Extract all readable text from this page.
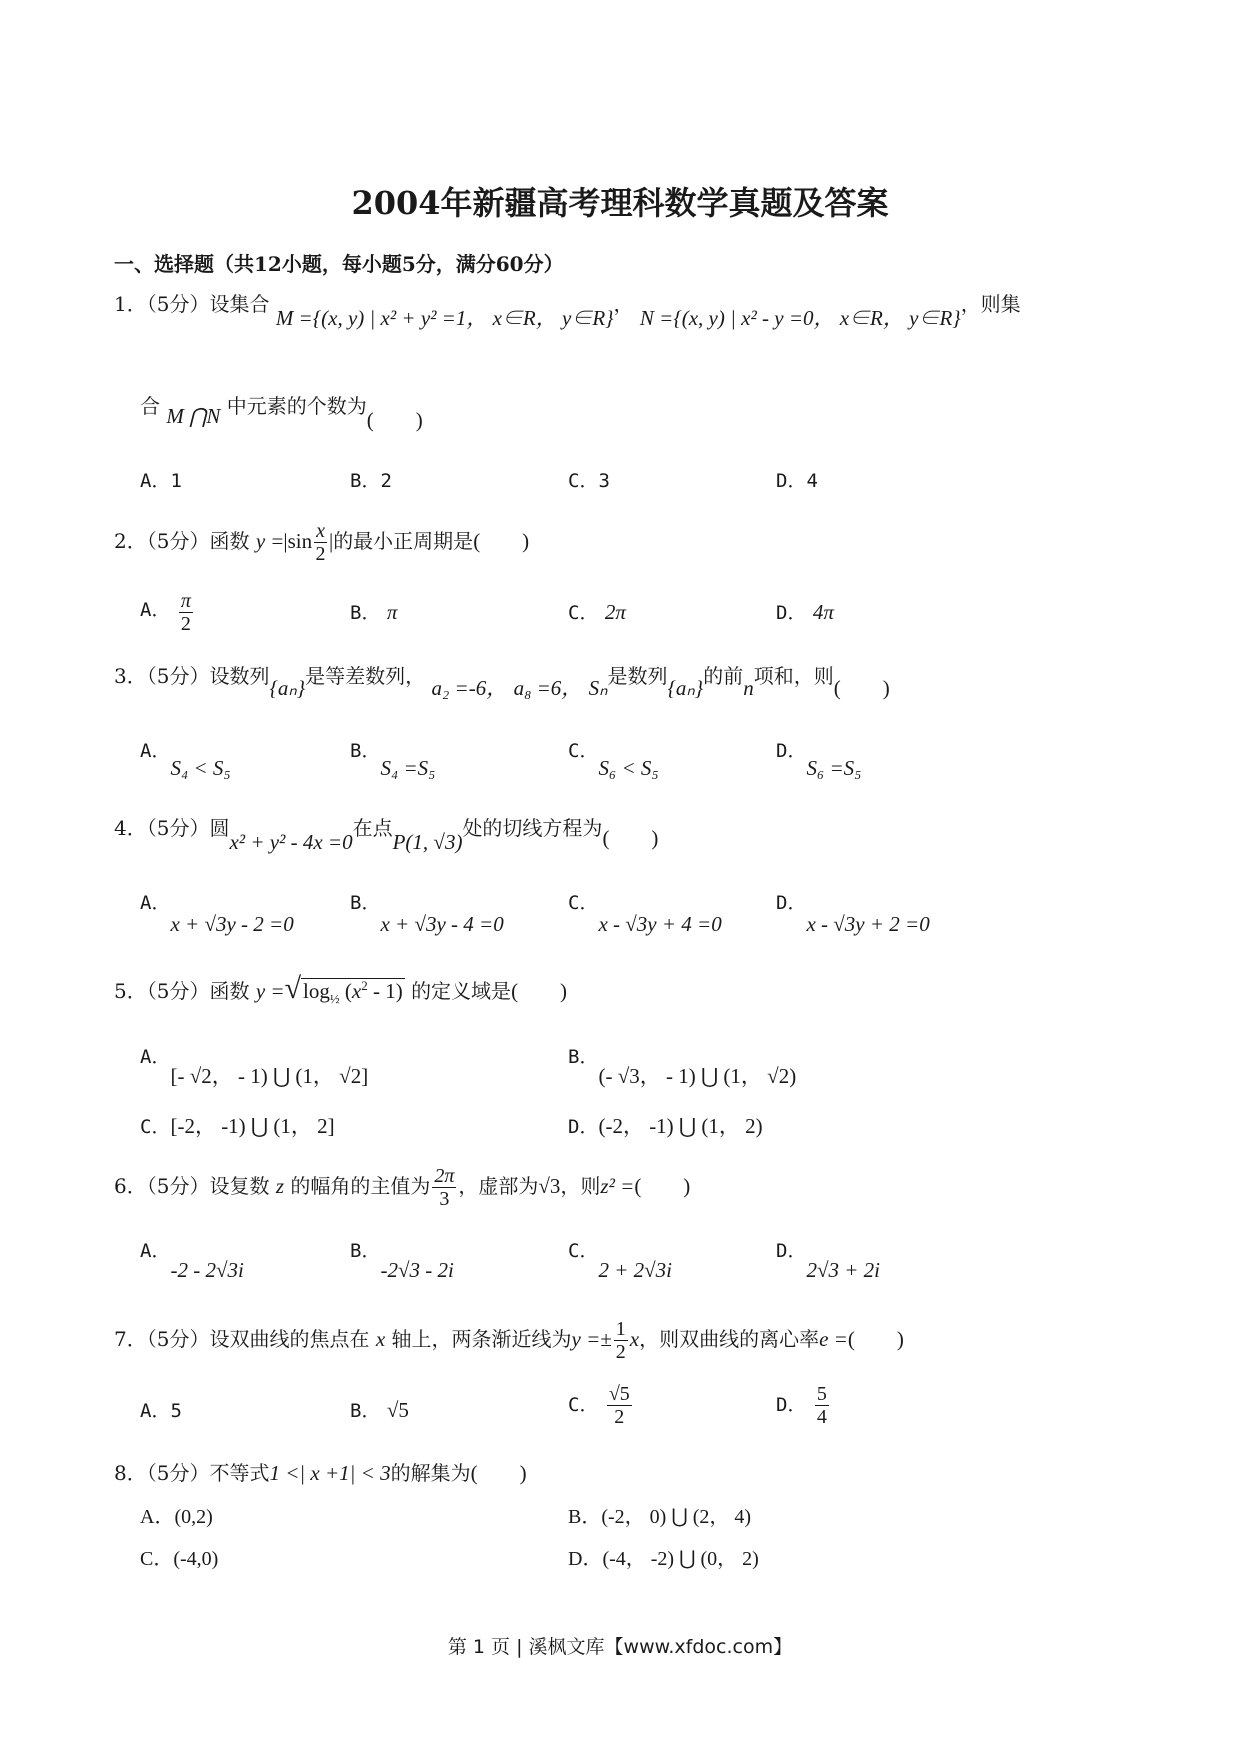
2004年新疆高考理科数学真题及答案
一、选择题（共12小题，每小题5分，满分60分）
1．（5分）设集合 M ={(x, y) | x² + y² =1， x∈R， y∈R}， N ={(x, y) | x² - y =0， x∈R， y∈R}，则集
合 M ⋂N 中元素的个数为(　　)
A．1	B．2	C．3	D．4
2．（5分）函数 $y =|\sin \frac{x}{2}$ |的最小正周期是(　　)
A． $\frac{\pi}{2}$	B． π	C． 2π	D． 4π
3．（5分）设数列{aₙ}是等差数列， a₂ =-6， a₈ =6， Sₙ是数列{aₙ}的前n项和，则(　　)
A．S₄ < S₅
B．S₄ =S₅
C．S₆ < S₅
D．S₆ =S₅
4．（5分）圆x² + y² - 4x =0在点P(1, √3)处的切线方程为(　　)
A．x + √3y - 2 =0
B．x + √3y - 4 =0
C．x - √3y + 4 =0
D．x - √3y + 2 =0
5．（5分）函数 $y =√\log_{\frac{1}{2}}$ $(x^2 - 1)$ 的定义域是(　　)
A．[- √2， - 1) ⋃ (1， √2]
B．(- √3， - 1) ⋃ (1， √2)
C．[-2， -1) ⋃ (1， 2]	D．(-2， -1) ⋃ (1， 2)
6．（5分）设复数 z 的幅角的主值为 $\frac{2\pi}{3}$ ，虚部为√3，则z² =(　　)
A．-2 - 2√3i
B．-2√3 - 2i
C．2 + 2√3i
D．2√3 + 2i
7．（5分）设双曲线的焦点在 x 轴上，两条渐近线为$y =\pm \frac{1}{2}$ x，则双曲线的离心率e =(　　)
A．5	B． √5	C． $\frac{√5}{2}$	D． $\frac{5}{4}$
8．（5分）不等式1 <| x +1| < 3的解集为(　　)
A．(0,2)	B．(-2， 0) ⋃ (2， 4)
C．(-4,0)	D．(-4， -2) ⋃ (0， 2)
第 1 页 | 溪枫文库【www.xfdoc.com】
